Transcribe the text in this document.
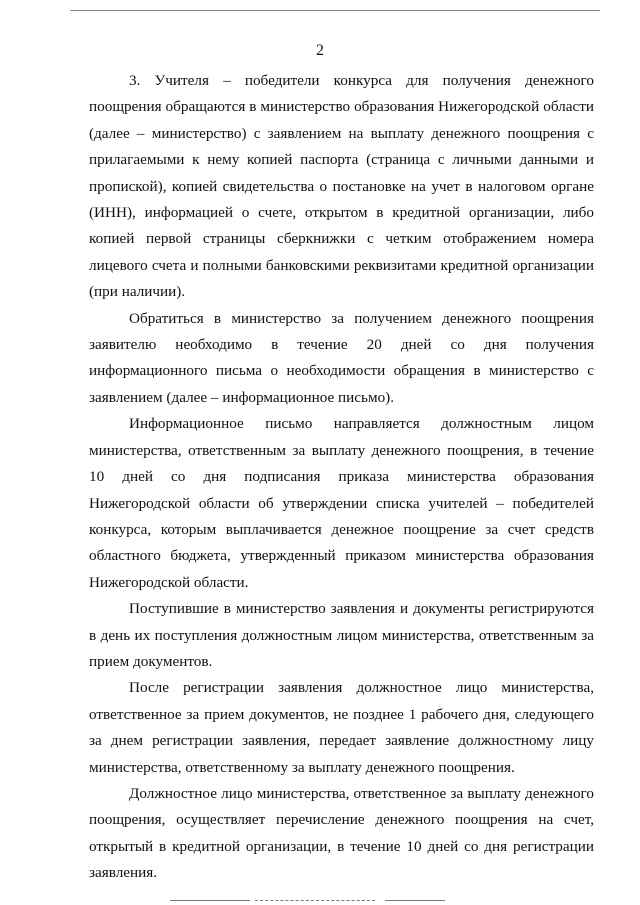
2

3. Учителя – победители конкурса для получения денежного поощрения обращаются в министерство образования Нижегородской области (далее – министерство) с заявлением на выплату денежного поощрения с прилагаемыми к нему копией паспорта (страница с личными данными и пропиской), копией свидетельства о постановке на учет в налоговом органе (ИНН), информацией о счете, открытом в кредитной организации, либо копией первой страницы сберкнижки с четким отображением номера лицевого счета и полными банковскими реквизитами кредитной организации (при наличии).

Обратиться в министерство за получением денежного поощрения заявителю необходимо в течение 20 дней со дня получения информационного письма о необходимости обращения в министерство с заявлением (далее – информационное письмо).

Информационное письмо направляется должностным лицом министерства, ответственным за выплату денежного поощрения, в течение 10 дней со дня подписания приказа министерства образования Нижегородской области об утверждении списка учителей – победителей конкурса, которым выплачивается денежное поощрение за счет средств областного бюджета, утвержденный приказом министерства образования Нижегородской области.

Поступившие в министерство заявления и документы регистрируются в день их поступления должностным лицом министерства, ответственным за прием документов.

После регистрации заявления должностное лицо министерства, ответственное за прием документов, не позднее 1 рабочего дня, следующего за днем регистрации заявления, передает заявление должностному лицу министерства, ответственному за выплату денежного поощрения.

Должностное лицо министерства, ответственное за выплату денежного поощрения, осуществляет перечисление денежного поощрения на счет, открытый в кредитной организации, в течение 10 дней со дня регистрации заявления.
